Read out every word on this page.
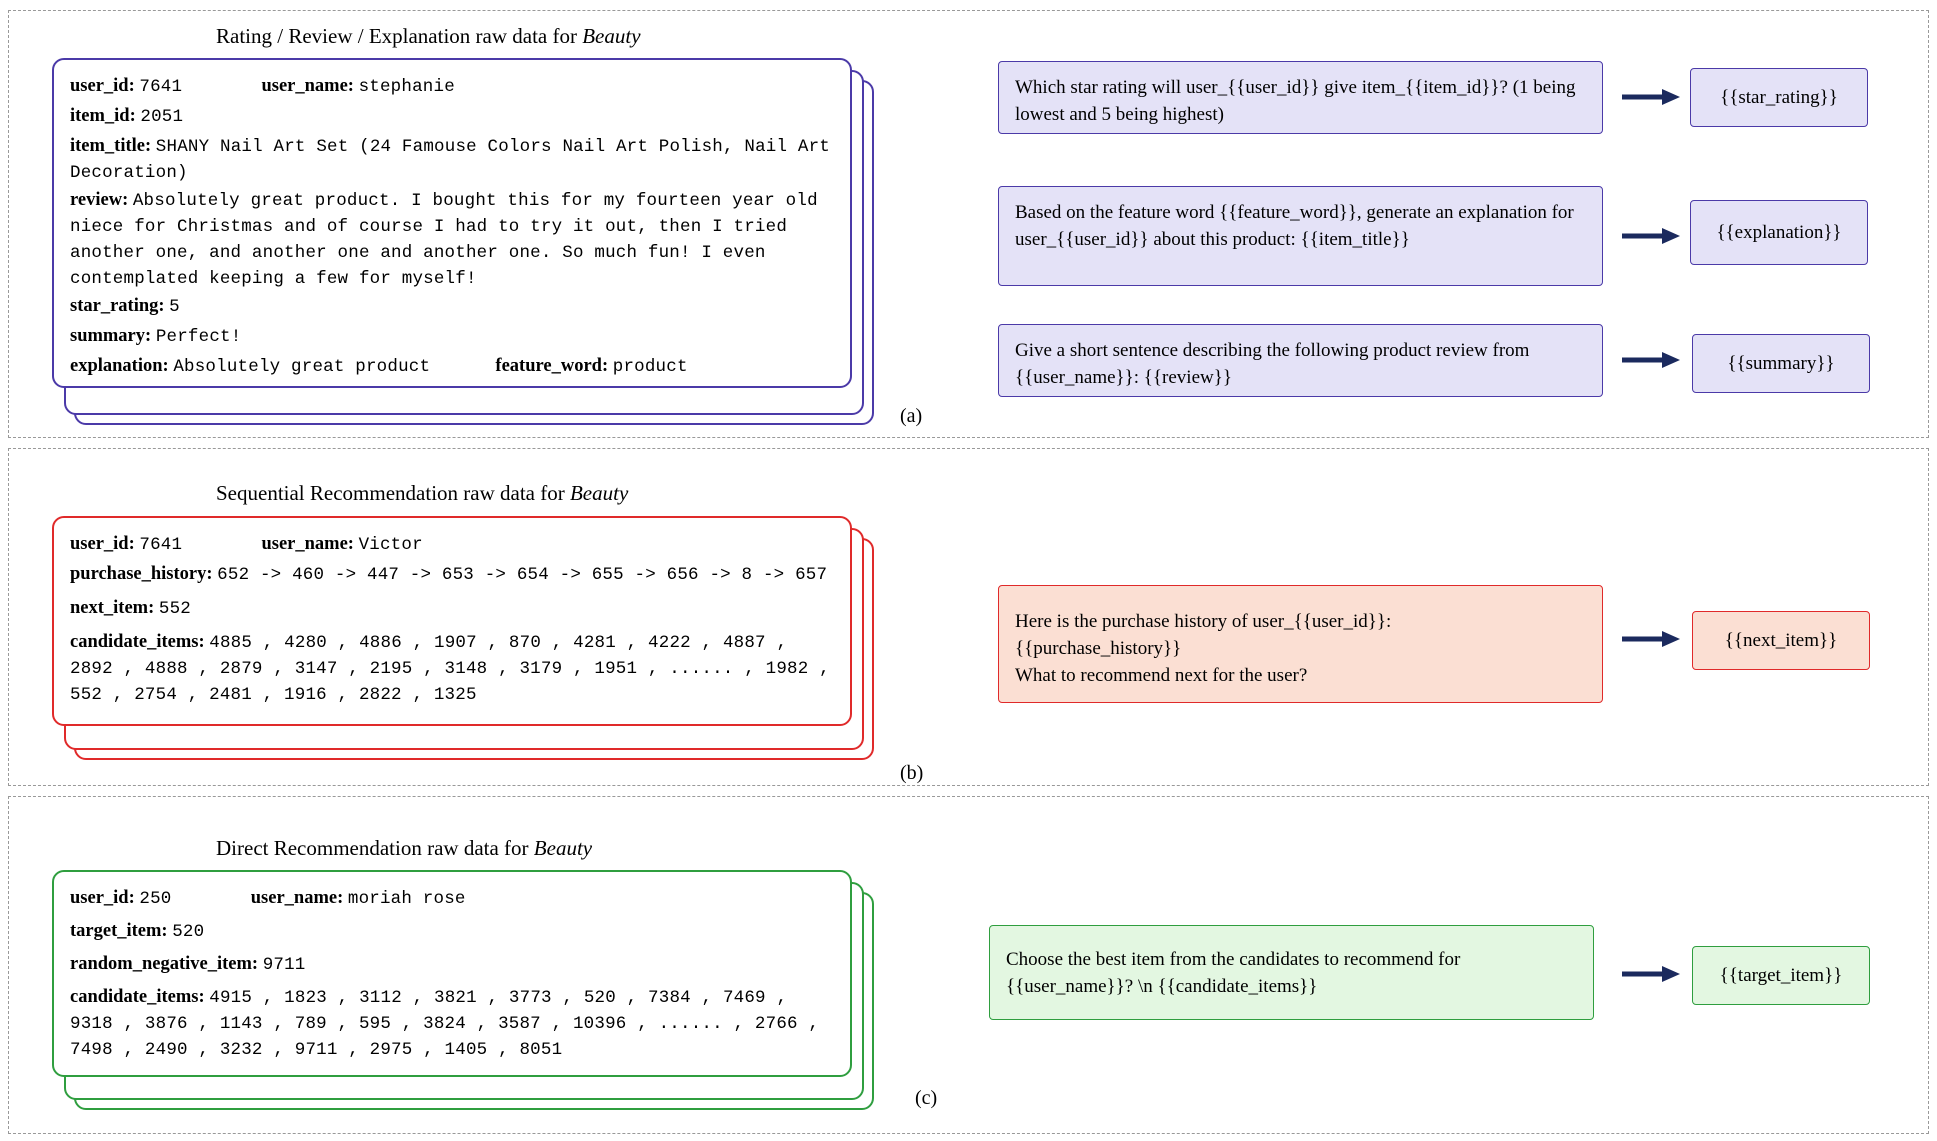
Rating / Review / Explanation raw data for Beauty
user_id: 7641	user_name: stephanie
item_id: 2051
item_title: SHANY Nail Art Set (24 Famouse Colors Nail Art Polish, Nail Art Decoration)
review: Absolutely great product. I bought this for my fourteen year old niece for Christmas and of course I had to try it out, then I tried another one, and another one and another one. So much fun! I even contemplated keeping a few for myself!
star_rating: 5
summary: Perfect!
explanation: Absolutely great product	feature_word: product
(a)
Which star rating will user_{{user_id}} give item_{{item_id}}? (1 being lowest and 5 being highest)
{{star_rating}}
Based on the feature word {{feature_word}}, generate an explanation for user_{{user_id}} about this product: {{item_title}}	{{explanation}}
Give a short sentence describing the following product review from {{user_name}}: {{review}}
{{summary}}
Sequential Recommendation raw data for Beauty
user_id: 7641	user_name: Victor
purchase_history: 652 -> 460 -> 447 -> 653 -> 654 -> 655 -> 656 -> 8 -> 657
next_item: 552
candidate_items: 4885 , 4280 , 4886 , 1907 , 870 , 4281 , 4222 , 4887 , 2892 , 4888 , 2879 , 3147 , 2195 , 3148 , 3179 , 1951 , ...... , 1982 , 552 , 2754 , 2481 , 1916 , 2822 , 1325
(b)
Here is the purchase history of user_{{user_id}}:
{{purchase_history}}
What to recommend next for the user?
{{next_item}}
Direct Recommendation raw data for Beauty
user_id: 250	user_name: moriah rose
target_item: 520
random_negative_item: 9711
candidate_items: 4915 , 1823 , 3112 , 3821 , 3773 , 520 , 7384 , 7469 , 9318 , 3876 , 1143 , 789 , 595 , 3824 , 3587 , 10396 , ...... , 2766 , 7498 , 2490 , 3232 , 9711 , 2975 , 1405 , 8051
(c)
Choose the best item from the candidates to recommend for
{{user_name}}? \n {{candidate_items}}
{{target_item}}
